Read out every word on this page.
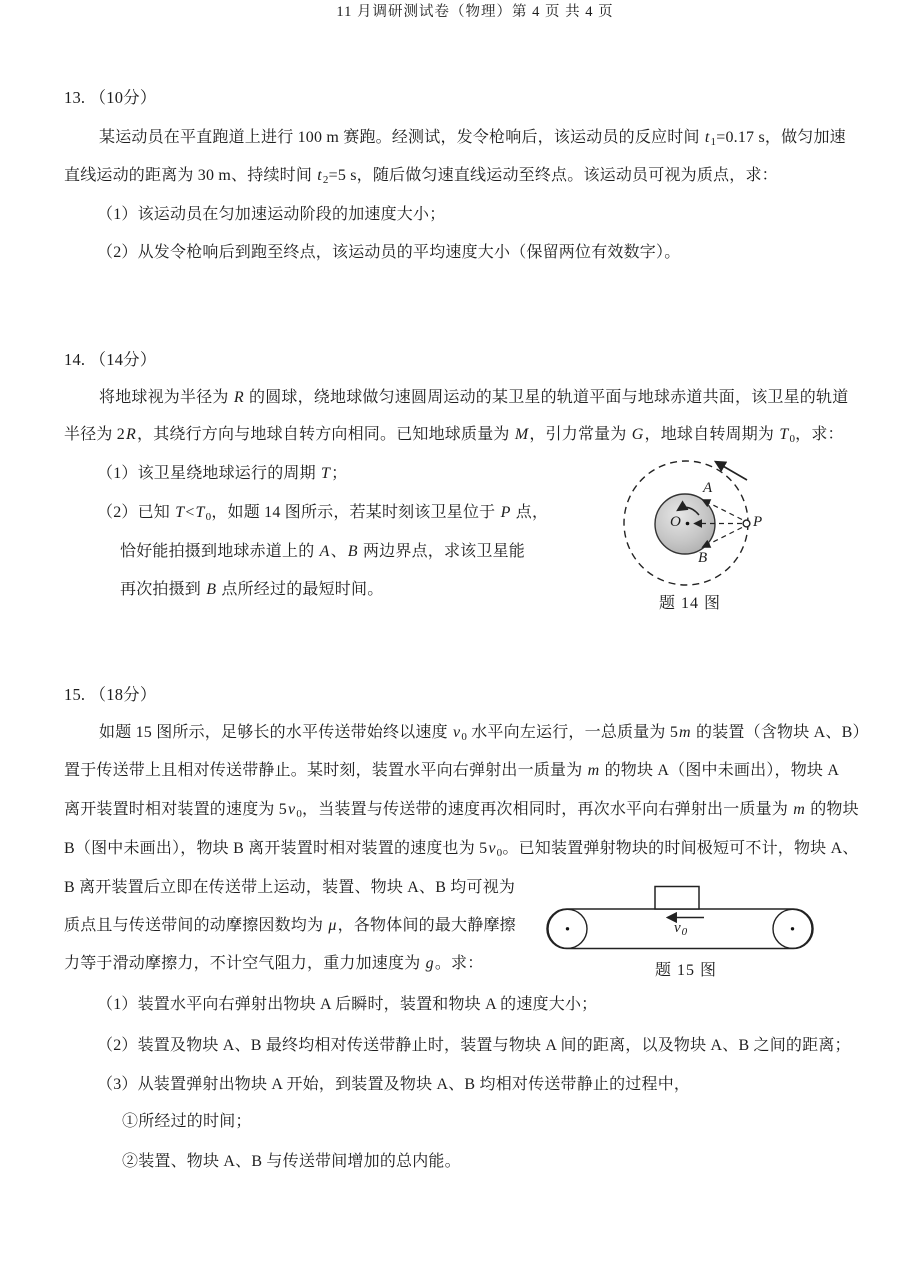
13. （10分）
某运动员在平直跑道上进行 100 m 赛跑。经测试，发令枪响后，该运动员的反应时间 $t_1=0.17$ s，做匀加速
直线运动的距离为 30 m、持续时间 $t_2=5$ s，随后做匀速直线运动至终点。该运动员可视为质点，求：
（1）该运动员在匀加速运动阶段的加速度大小；
（2）从发令枪响后到跑至终点，该运动员的平均速度大小（保留两位有效数字）。
14. （14分）
将地球视为半径为 R 的圆球，绕地球做匀速圆周运动的某卫星的轨道平面与地球赤道共面，该卫星的轨道
半径为 2R，其绕行方向与地球自转方向相同。已知地球质量为 M，引力常量为 G，地球自转周期为 $T_0$，求：
（1）该卫星绕地球运行的周期 T；
（2）已知 $T<T_0$，如题 14 图所示，若某时刻该卫星位于 P 点，
恰好能拍摄到地球赤道上的 A、B 两边界点，求该卫星能
再次拍摄到 B 点所经过的最短时间。
A
B
O	P
题 14 图
15. （18分）
如题 15 图所示，足够长的水平传送带始终以速度 $v_0$ 水平向左运行，一总质量为 5m 的装置（含物块 A、B）
置于传送带上且相对传送带静止。某时刻，装置水平向右弹射出一质量为 m 的物块 A（图中未画出），物块 A
离开装置时相对装置的速度为 $5v_0$，当装置与传送带的速度再次相同时，再次水平向右弹射出一质量为 m 的物块
B（图中未画出），物块 B 离开装置时相对装置的速度也为 $5v_0$。已知装置弹射物块的时间极短可不计，物块 A、
B 离开装置后立即在传送带上运动，装置、物块 A、B 均可视为
质点且与传送带间的动摩擦因数均为 μ，各物体间的最大静摩擦
力等于滑动摩擦力，不计空气阻力，重力加速度为 g。求：
（1）装置水平向右弹射出物块 A 后瞬时，装置和物块 A 的速度大小；
（2）装置及物块 A、B 最终均相对传送带静止时，装置与物块 A 间的距离，以及物块 A、B 之间的距离；
（3）从装置弹射出物块 A 开始，到装置及物块 A、B 均相对传送带静止的过程中，
①所经过的时间；
②装置、物块 A、B 与传送带间增加的总内能。
$v_0$
题 15 图
11 月调研测试卷（物理）第 4 页 共 4 页
